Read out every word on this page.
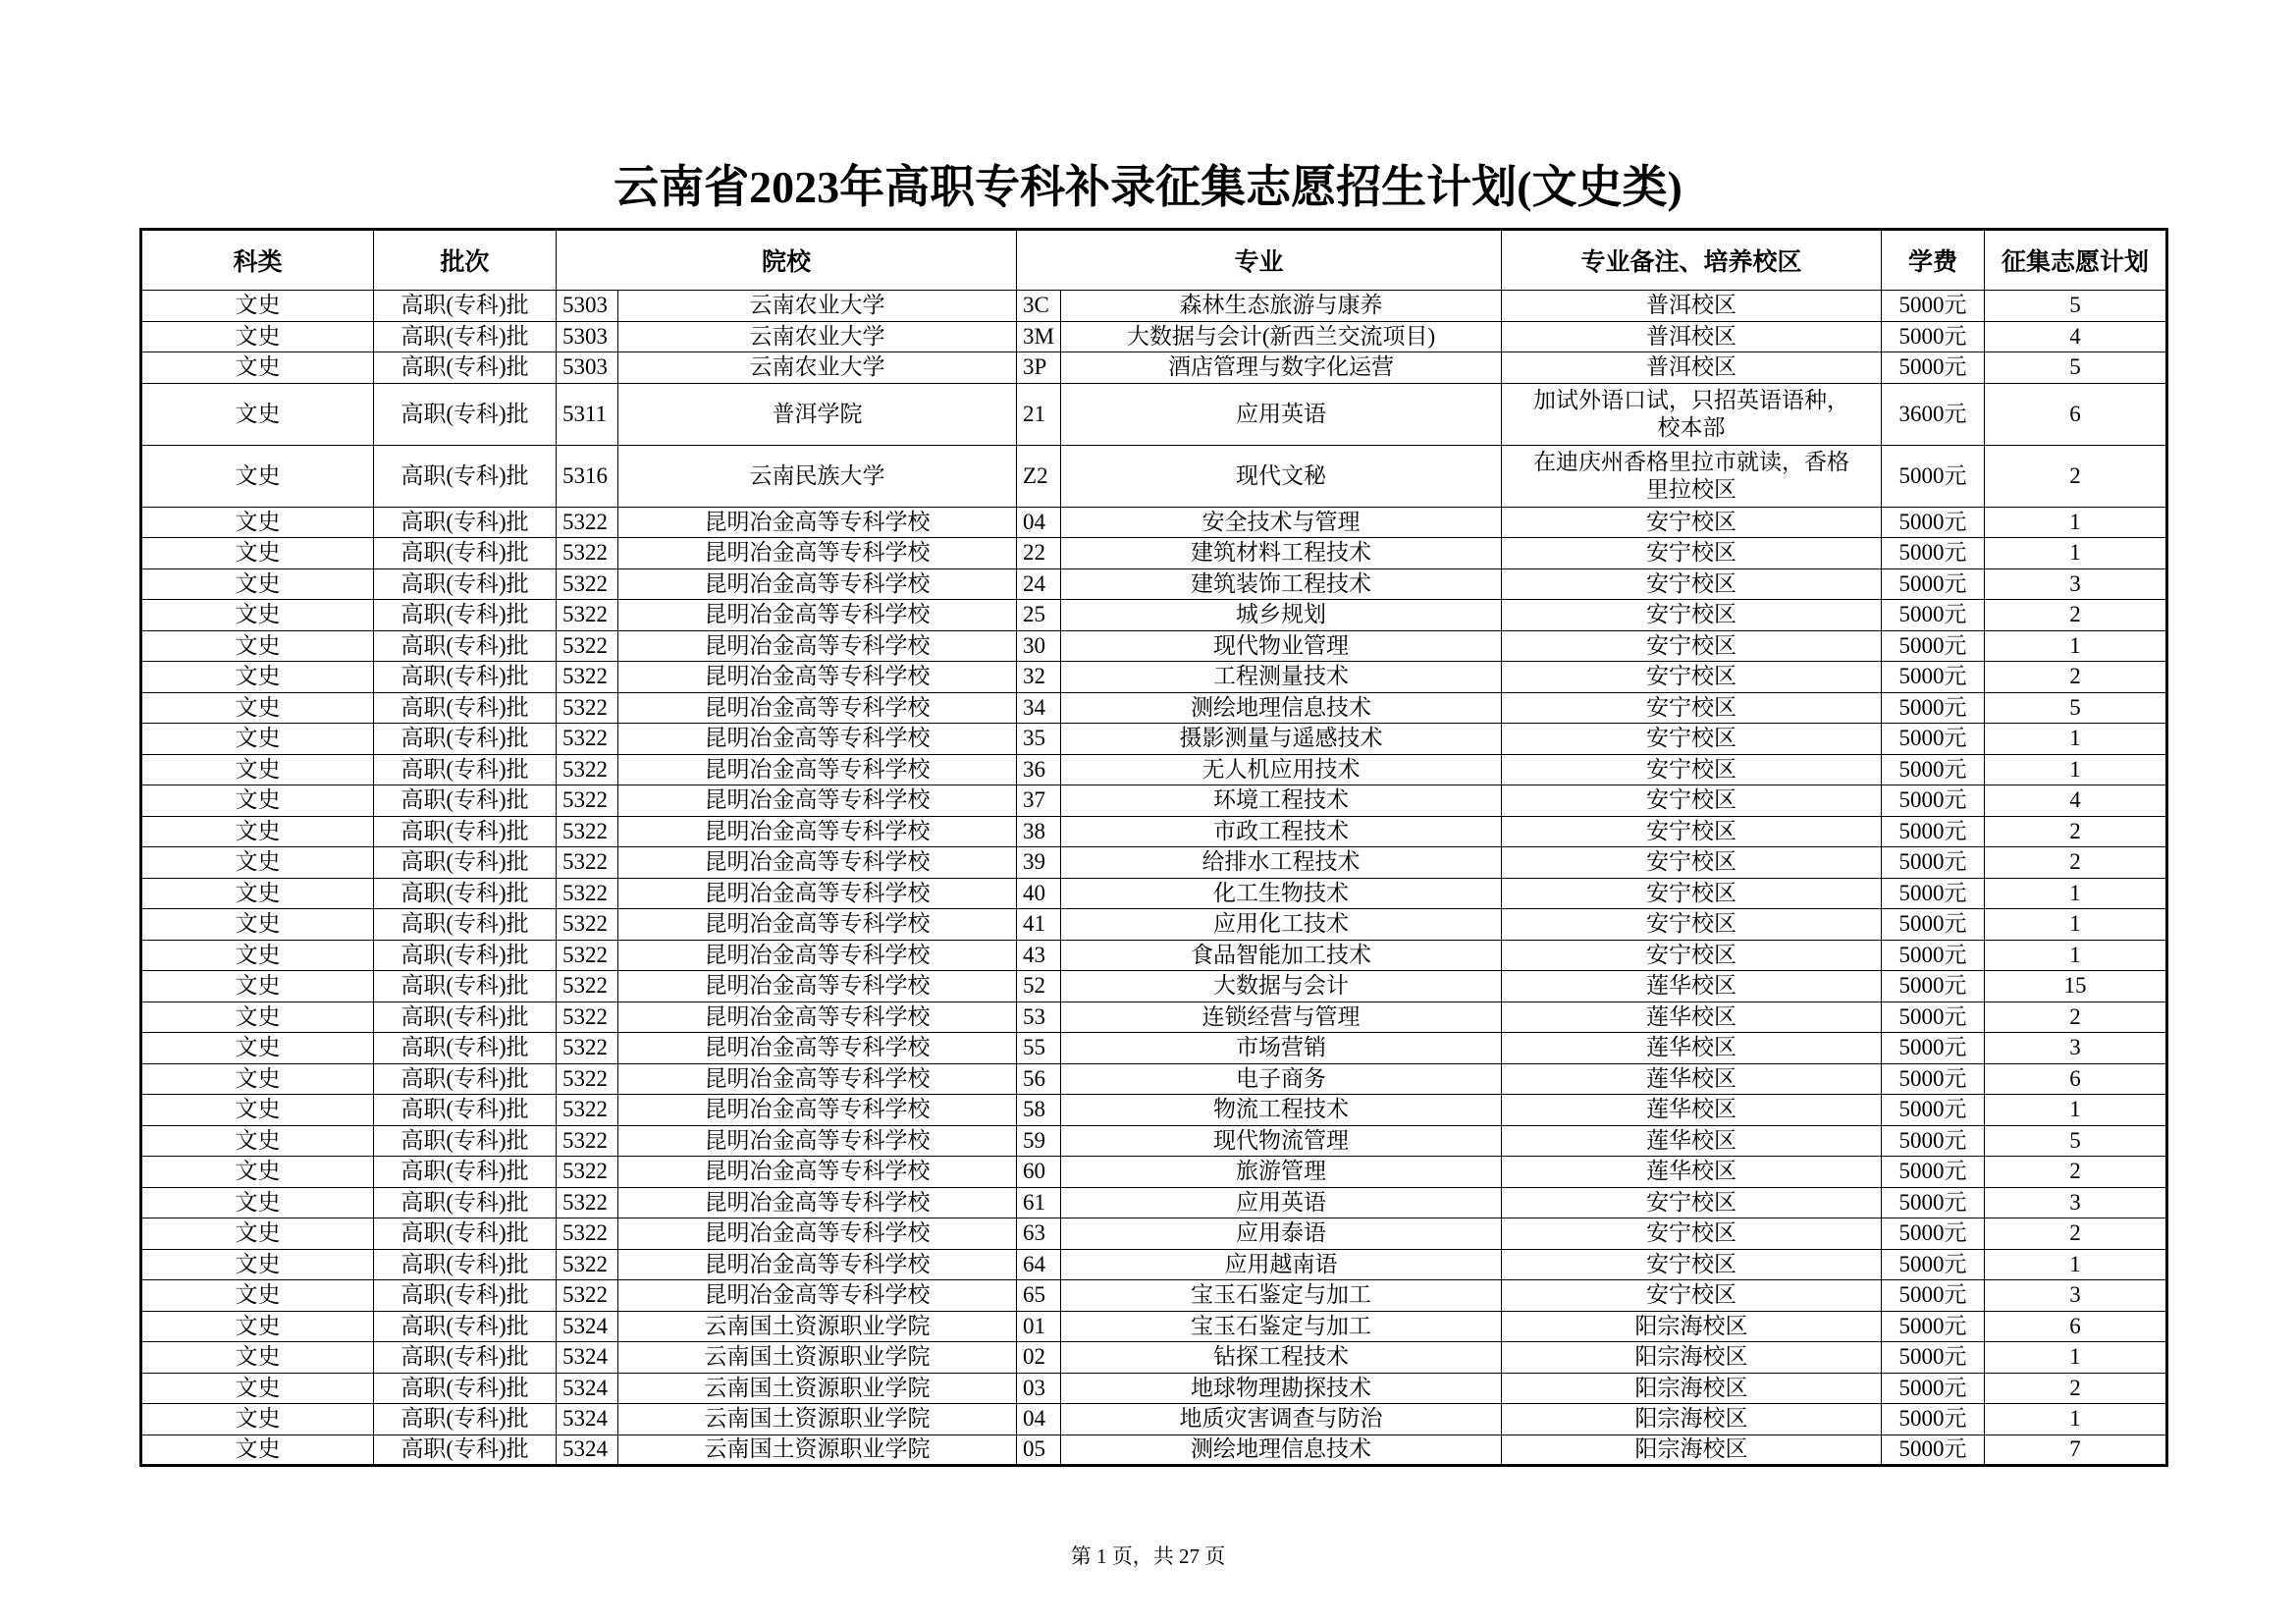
云南省2023年高职专科补录征集志愿招生计划(文史类)
科类	批次	院校		专业		专业备注、培养校区	学费	征集志愿计划
文史	高职(专科)批	5303	云南农业大学	3C	森林生态旅游与康养	普洱校区	5000元	5
文史	高职(专科)批	5303	云南农业大学	3M	大数据与会计(新西兰交流项目)	普洱校区	5000元	4
文史	高职(专科)批	5303	云南农业大学	3P	酒店管理与数字化运营	普洱校区	5000元	5
文史	高职(专科)批	5311	普洱学院	21	应用英语	加试外语口试，只招英语语种，校本部	3600元	6
文史	高职(专科)批	5316	云南民族大学	Z2	现代文秘	在迪庆州香格里拉市就读，香格里拉校区	5000元	2
文史	高职(专科)批	5322	昆明冶金高等专科学校	04	安全技术与管理	安宁校区	5000元	1
文史	高职(专科)批	5322	昆明冶金高等专科学校	22	建筑材料工程技术	安宁校区	5000元	1
文史	高职(专科)批	5322	昆明冶金高等专科学校	24	建筑装饰工程技术	安宁校区	5000元	3
文史	高职(专科)批	5322	昆明冶金高等专科学校	25	城乡规划	安宁校区	5000元	2
文史	高职(专科)批	5322	昆明冶金高等专科学校	30	现代物业管理	安宁校区	5000元	1
文史	高职(专科)批	5322	昆明冶金高等专科学校	32	工程测量技术	安宁校区	5000元	2
文史	高职(专科)批	5322	昆明冶金高等专科学校	34	测绘地理信息技术	安宁校区	5000元	5
文史	高职(专科)批	5322	昆明冶金高等专科学校	35	摄影测量与遥感技术	安宁校区	5000元	1
文史	高职(专科)批	5322	昆明冶金高等专科学校	36	无人机应用技术	安宁校区	5000元	1
文史	高职(专科)批	5322	昆明冶金高等专科学校	37	环境工程技术	安宁校区	5000元	4
文史	高职(专科)批	5322	昆明冶金高等专科学校	38	市政工程技术	安宁校区	5000元	2
文史	高职(专科)批	5322	昆明冶金高等专科学校	39	给排水工程技术	安宁校区	5000元	2
文史	高职(专科)批	5322	昆明冶金高等专科学校	40	化工生物技术	安宁校区	5000元	1
文史	高职(专科)批	5322	昆明冶金高等专科学校	41	应用化工技术	安宁校区	5000元	1
文史	高职(专科)批	5322	昆明冶金高等专科学校	43	食品智能加工技术	安宁校区	5000元	1
文史	高职(专科)批	5322	昆明冶金高等专科学校	52	大数据与会计	莲华校区	5000元	15
文史	高职(专科)批	5322	昆明冶金高等专科学校	53	连锁经营与管理	莲华校区	5000元	2
文史	高职(专科)批	5322	昆明冶金高等专科学校	55	市场营销	莲华校区	5000元	3
文史	高职(专科)批	5322	昆明冶金高等专科学校	56	电子商务	莲华校区	5000元	6
文史	高职(专科)批	5322	昆明冶金高等专科学校	58	物流工程技术	莲华校区	5000元	1
文史	高职(专科)批	5322	昆明冶金高等专科学校	59	现代物流管理	莲华校区	5000元	5
文史	高职(专科)批	5322	昆明冶金高等专科学校	60	旅游管理	莲华校区	5000元	2
文史	高职(专科)批	5322	昆明冶金高等专科学校	61	应用英语	安宁校区	5000元	3
文史	高职(专科)批	5322	昆明冶金高等专科学校	63	应用泰语	安宁校区	5000元	2
文史	高职(专科)批	5322	昆明冶金高等专科学校	64	应用越南语	安宁校区	5000元	1
文史	高职(专科)批	5322	昆明冶金高等专科学校	65	宝玉石鉴定与加工	安宁校区	5000元	3
文史	高职(专科)批	5324	云南国土资源职业学院	01	宝玉石鉴定与加工	阳宗海校区	5000元	6
文史	高职(专科)批	5324	云南国土资源职业学院	02	钻探工程技术	阳宗海校区	5000元	1
文史	高职(专科)批	5324	云南国土资源职业学院	03	地球物理勘探技术	阳宗海校区	5000元	2
文史	高职(专科)批	5324	云南国土资源职业学院	04	地质灾害调查与防治	阳宗海校区	5000元	1
文史	高职(专科)批	5324	云南国土资源职业学院	05	测绘地理信息技术	阳宗海校区	5000元	7
第 1 页，共 27 页
